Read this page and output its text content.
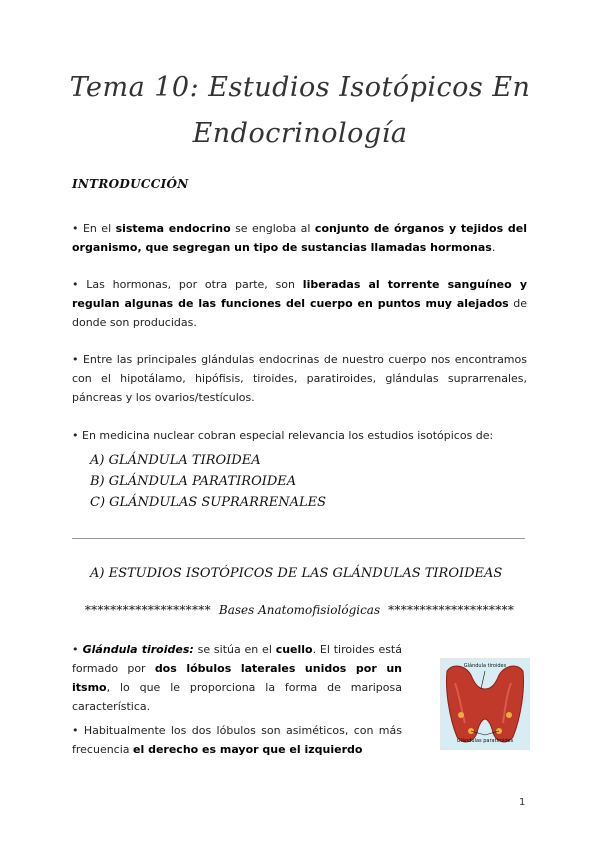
Tema 10: Estudios Isotópicos En
Endocrinología
INTRODUCCIÓN
• En el sistema endocrino se engloba al conjunto de órganos y tejidos del organismo, que segregan un tipo de sustancias llamadas hormonas.
• Las hormonas, por otra parte, son liberadas al torrente sanguíneo y regulan algunas de las funciones del cuerpo en puntos muy alejados de donde son producidas.
• Entre las principales glándulas endocrinas de nuestro cuerpo nos encontramos con el hipotálamo, hipófisis, tiroides, paratiroides, glándulas suprarrenales, páncreas y los ovarios/testículos.
• En medicina nuclear cobran especial relevancia los estudios isotópicos de:
A) GLÁNDULA TIROIDEA
B) GLÁNDULA PARATIROIDEA
C) GLÁNDULAS SUPRARRENALES
A) ESTUDIOS ISOTÓPICOS DE LAS GLÁNDULAS TIROIDEAS
******************** Bases Anatomofisiológicas ********************
• Glándula tiroides: se sitúa en el cuello. El tiroides está formado por dos lóbulos laterales unidos por un itsmo, lo que le proporciona la forma de mariposa característica.
• Habitualmente los dos lóbulos son asiméticos, con más frecuencia el derecho es mayor que el izquierdo
Glándula tiroides
Glándulas paratiroides
1
